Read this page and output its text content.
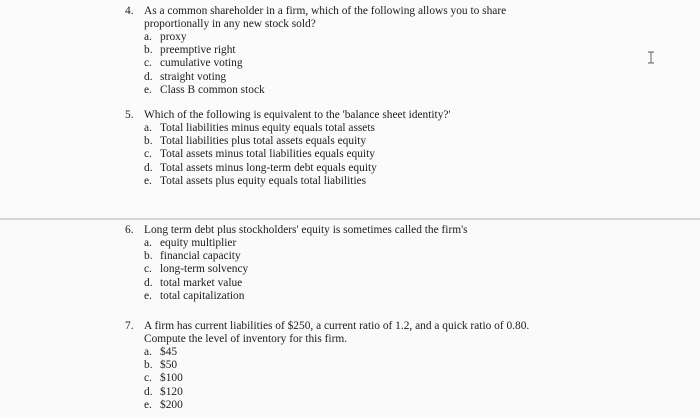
4. As a common shareholder in a firm, which of the following allows you to share
proportionally in any new stock sold?
a. proxy
b. preemptive right
c. cumulative voting
d. straight voting
e. Class B common stock
5. Which of the following is equivalent to the 'balance sheet identity?'
a. Total liabilities minus equity equals total assets
b. Total liabilities plus total assets equals equity
c. Total assets minus total liabilities equals equity
d. Total assets minus long-term debt equals equity
e. Total assets plus equity equals total liabilities
6. Long term debt plus stockholders' equity is sometimes called the firm's
a. equity multiplier
b. financial capacity
c. long-term solvency
d. total market value
e. total capitalization
7. A firm has current liabilities of $250, a current ratio of 1.2, and a quick ratio of 0.80.
Compute the level of inventory for this firm.
a. $45
b. $50
c. $100
d. $120
e. $200
